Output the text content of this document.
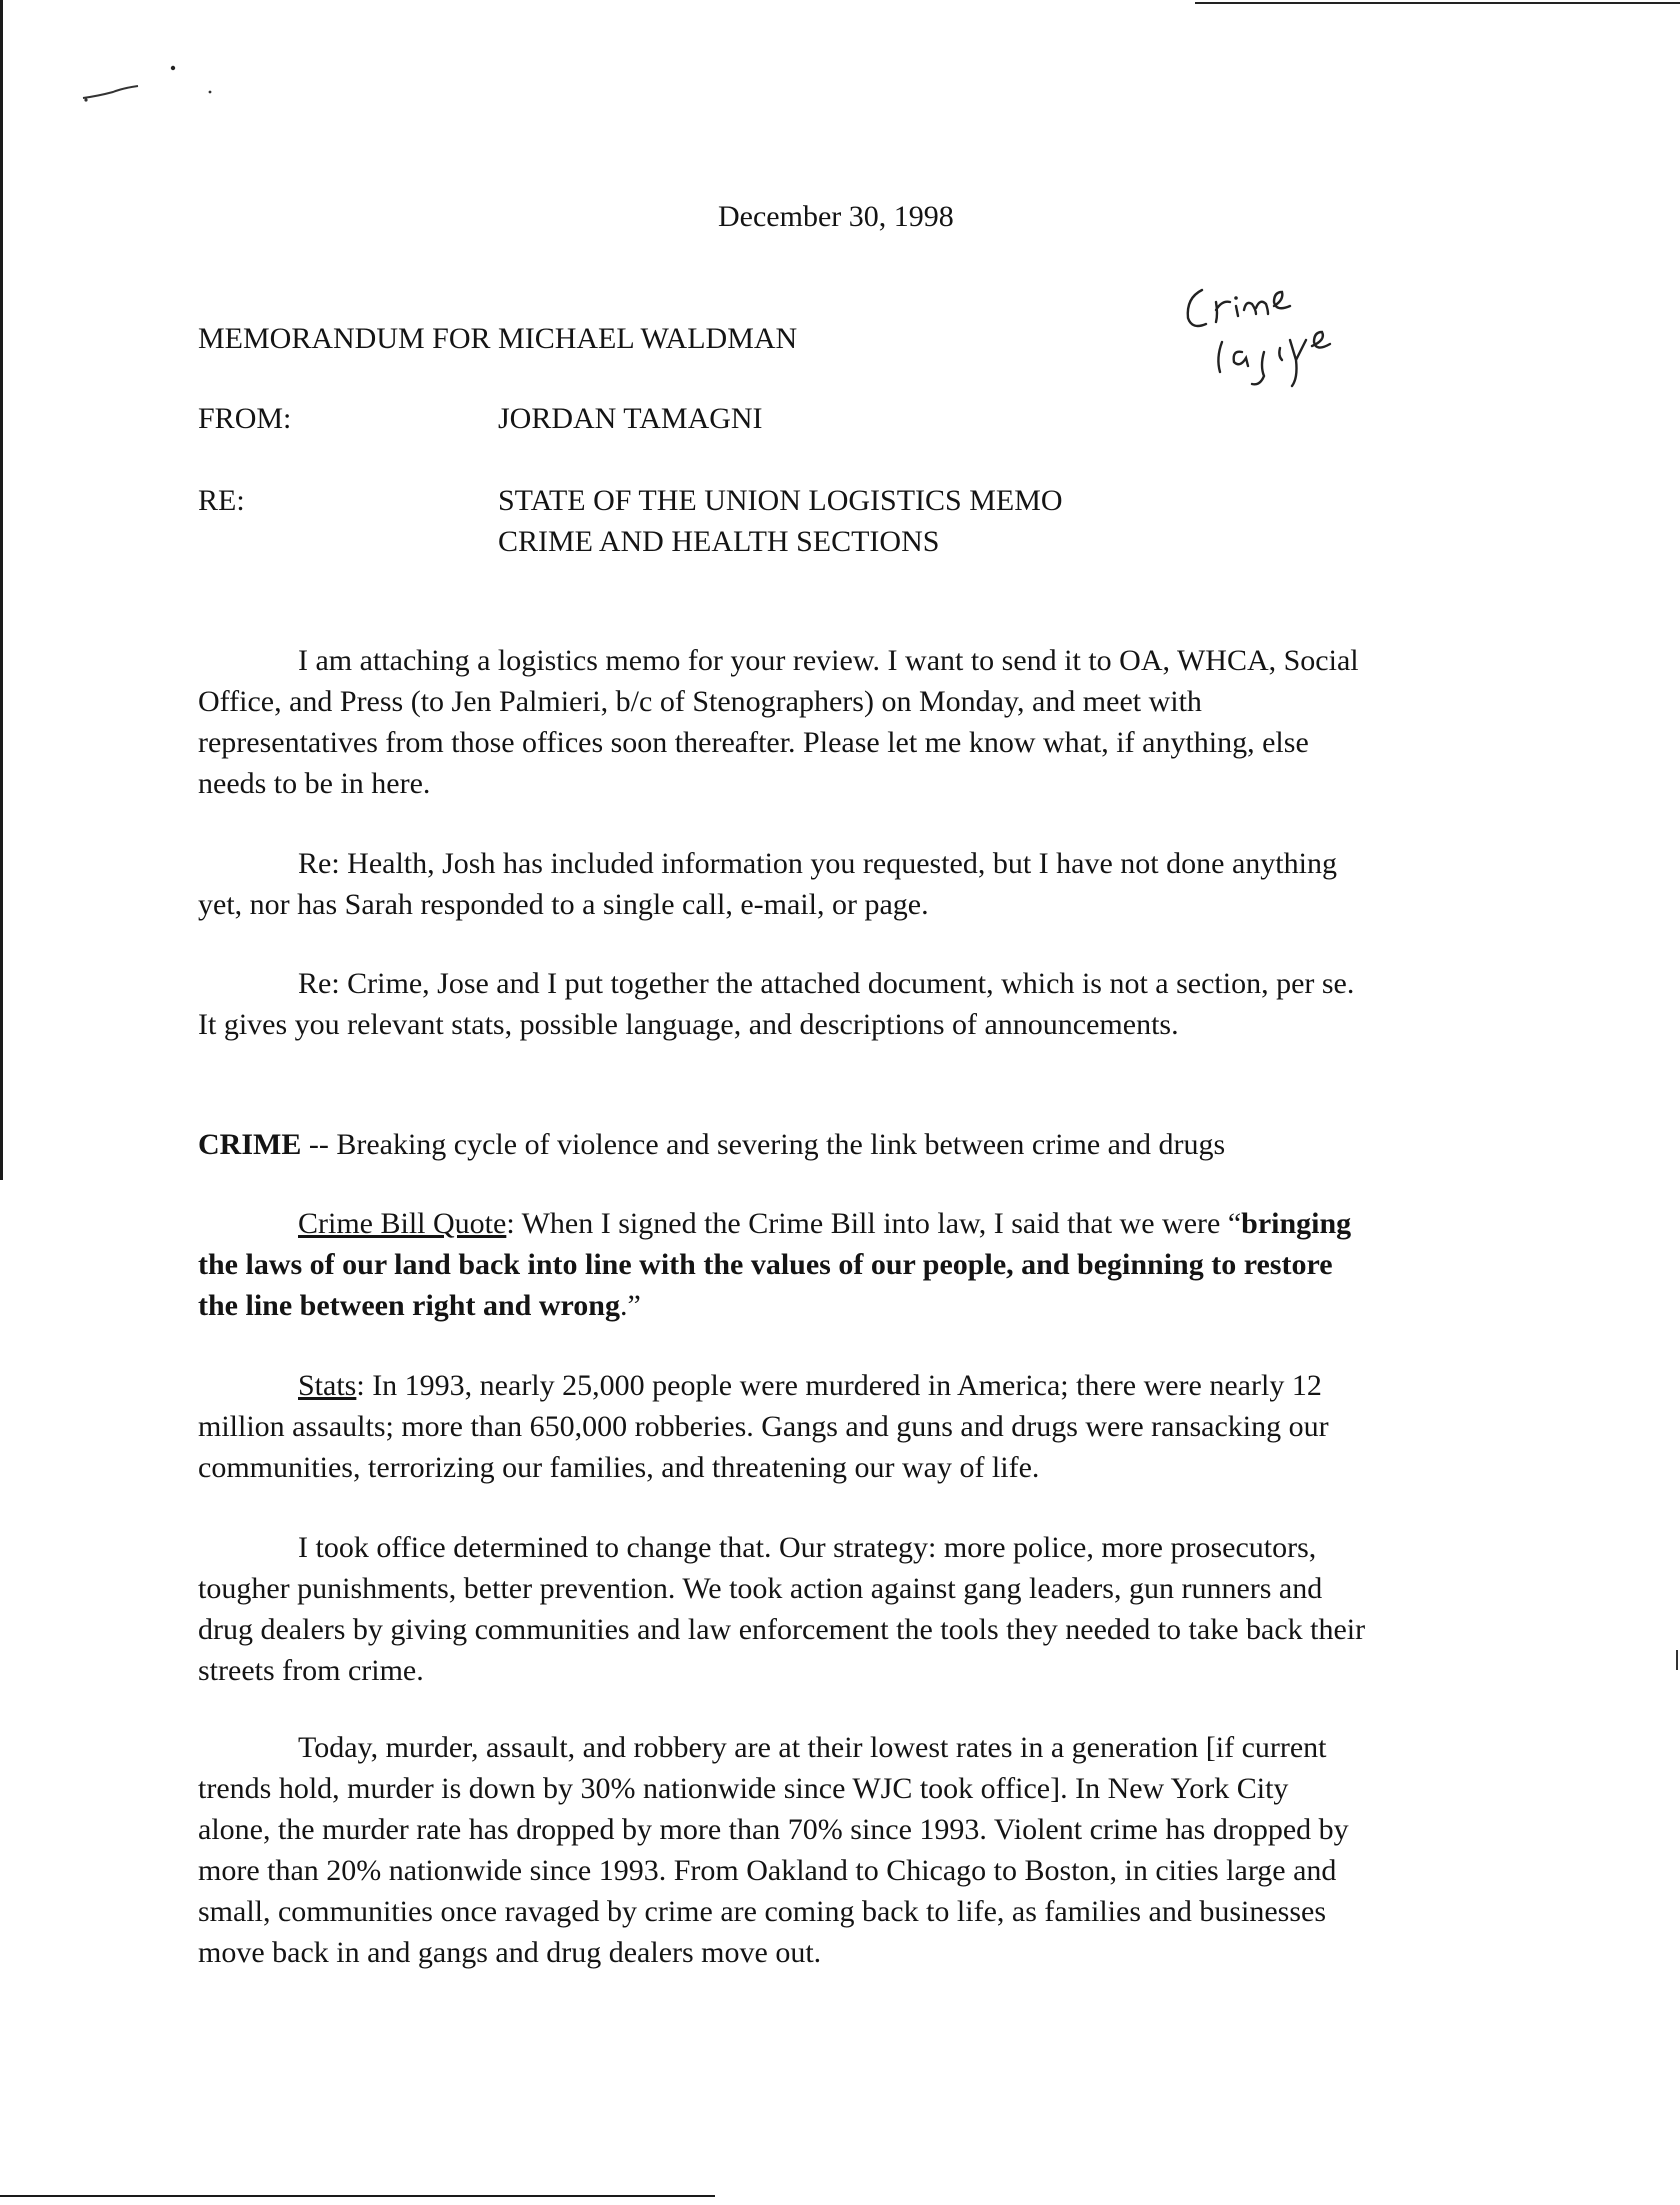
December 30, 1998
MEMORANDUM FOR MICHAEL WALDMAN
FROM:	JORDAN TAMAGNI
RE:	STATE OF THE UNION LOGISTICS MEMO
CRIME AND HEALTH SECTIONS
I am attaching a logistics memo for your review. I want to send it to OA, WHCA, Social
Office, and Press (to Jen Palmieri, b/c of Stenographers) on Monday, and meet with
representatives from those offices soon thereafter. Please let me know what, if anything, else
needs to be in here.
Re: Health, Josh has included information you requested, but I have not done anything
yet, nor has Sarah responded to a single call, e-mail, or page.
Re: Crime, Jose and I put together the attached document, which is not a section, per se.
It gives you relevant stats, possible language, and descriptions of announcements.
CRIME -- Breaking cycle of violence and severing the link between crime and drugs
Crime Bill Quote: When I signed the Crime Bill into law, I said that we were “bringing
the laws of our land back into line with the values of our people, and beginning to restore
the line between right and wrong.”
Stats: In 1993, nearly 25,000 people were murdered in America; there were nearly 12
million assaults; more than 650,000 robberies. Gangs and guns and drugs were ransacking our
communities, terrorizing our families, and threatening our way of life.
I took office determined to change that. Our strategy: more police, more prosecutors,
tougher punishments, better prevention. We took action against gang leaders, gun runners and
drug dealers by giving communities and law enforcement the tools they needed to take back their
streets from crime.
Today, murder, assault, and robbery are at their lowest rates in a generation [if current
trends hold, murder is down by 30% nationwide since WJC took office]. In New York City
alone, the murder rate has dropped by more than 70% since 1993. Violent crime has dropped by
more than 20% nationwide since 1993. From Oakland to Chicago to Boston, in cities large and
small, communities once ravaged by crime are coming back to life, as families and businesses
move back in and gangs and drug dealers move out.
